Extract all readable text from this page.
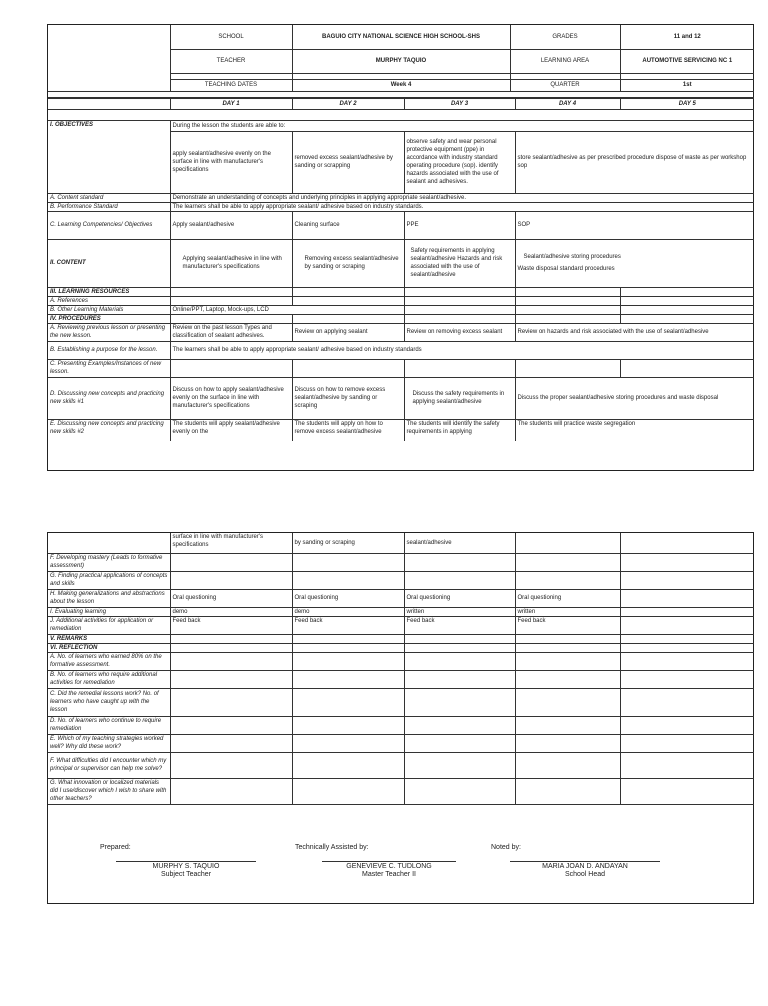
	SCHOOL	BAGUIO CITY NATIONAL SCIENCE HIGH SCHOOL-SHS	GRADES	11 and 12
	TEACHER	MURPHY TAQUIO	LEARNING AREA	AUTOMOTIVE SERVICING NC 1

	TEACHING DATES	Week 4	QUARTER	1st

	DAY 1	DAY 2	DAY 3	DAY 4	DAY 5

I. OBJECTIVES	During the lesson the students are able to:				
	apply sealant/adhesive evenly on the surface in line with manufacturer's specifications	removed excess sealant/adhesive by sanding or scrapping	observe safety and wear personal protective equipment (ppe) in accordance with industry standard operating procedure (sop). identify hazards associated with the use of sealant and adhesives.	store sealant/adhesive as per prescribed procedure dispose of waste as per workshop sop	
A. Content standard	Demonstrate an understanding of concepts and underlying principles in applying appropriate sealant/adhesive.				
B. Performance Standard	The learners shall be able to apply appropriate sealant/ adhesive based on industry standards.				
C. Learning Competencies/ Objectives	Apply sealant/adhesive	Cleaning surface	PPE	SOP	
II. CONTENT	Applying sealant/adhesive in line with manufacturer's specifications	Removing excess sealant/adhesive by sanding or scraping	Safety requirements in applying sealant/adhesive Hazards and risk associated with the use of sealant/adhesive	Sealant/adhesive storing procedures
Waste disposal standard procedures	

III. LEARNING RESOURCES					
A. References					
B. Other Learning Materials	Online/PPT, Laptop, Mock-ups, LCD				
IV. PROCEDURES					
A. Reviewing previous lesson or presenting the new lesson.	Review on the past lesson Types and classification of sealant adhesives.	Review on applying sealant	Review on removing excess sealant	Review on hazards and risk associated with the use of sealant/adhesive	
B. Establishing a purpose for the lesson.	The learners shall be able to apply appropriate sealant/ adhesive based on industry standards				
C. Presenting Examples/Instances of new lesson.					
D. Discussing new concepts and practicing new skills #1	Discuss on how to apply sealant/adhesive evenly on the surface in line with manufacturer's specifications	Discuss on how to remove excess sealant/adhesive by sanding or scraping	Discuss the safety requirements in applying sealant/adhesive	Discuss the proper sealant/adhesive storing procedures and waste disposal	
E. Discussing new concepts and practicing new skills #2	The students will apply sealant/adhesive evenly on the	The students will apply on how to remove excess sealant/adhesive	The students will identify the safety requirements in applying	The students will practice waste segregation	
	surface in line with manufacturer's specifications	by sanding or scraping	sealant/adhesive		
F. Developing mastery (Leads to formative assessment)					
G. Finding practical applications of concepts and skills					
H. Making generalizations and abstractions about the lesson	Oral questioning	Oral questioning	Oral questioning	Oral questioning	
I. Evaluating learning	demo	demo	written	written	
J. Additional activities for application or remediation	Feed back	Feed back	Feed back	Feed back	
V. REMARKS					
VI. REFLECTION					
A. No. of learners who earned 80% on the formative assessment.					
B. No. of learners who require additional activities for remediation					
C. Did the remedial lessons work? No. of learners who have caught up with the lesson					
D. No. of learners who continue to require remediation					
E. Which of my teaching strategies worked well? Why did these work?					
F. What difficulties did I encounter which my principal or supervisor can help me solve?					
G. What innovation or localized materials did I use/discover which I wish to share with other teachers?					
Prepared:
MURPHY S. TAQUIO
Subject Teacher
Technically Assisted by:
GENEVIEVE C. TUDLONG
Master Teacher II
Noted by:
MARIA JOAN D. ANDAYAN
School Head
